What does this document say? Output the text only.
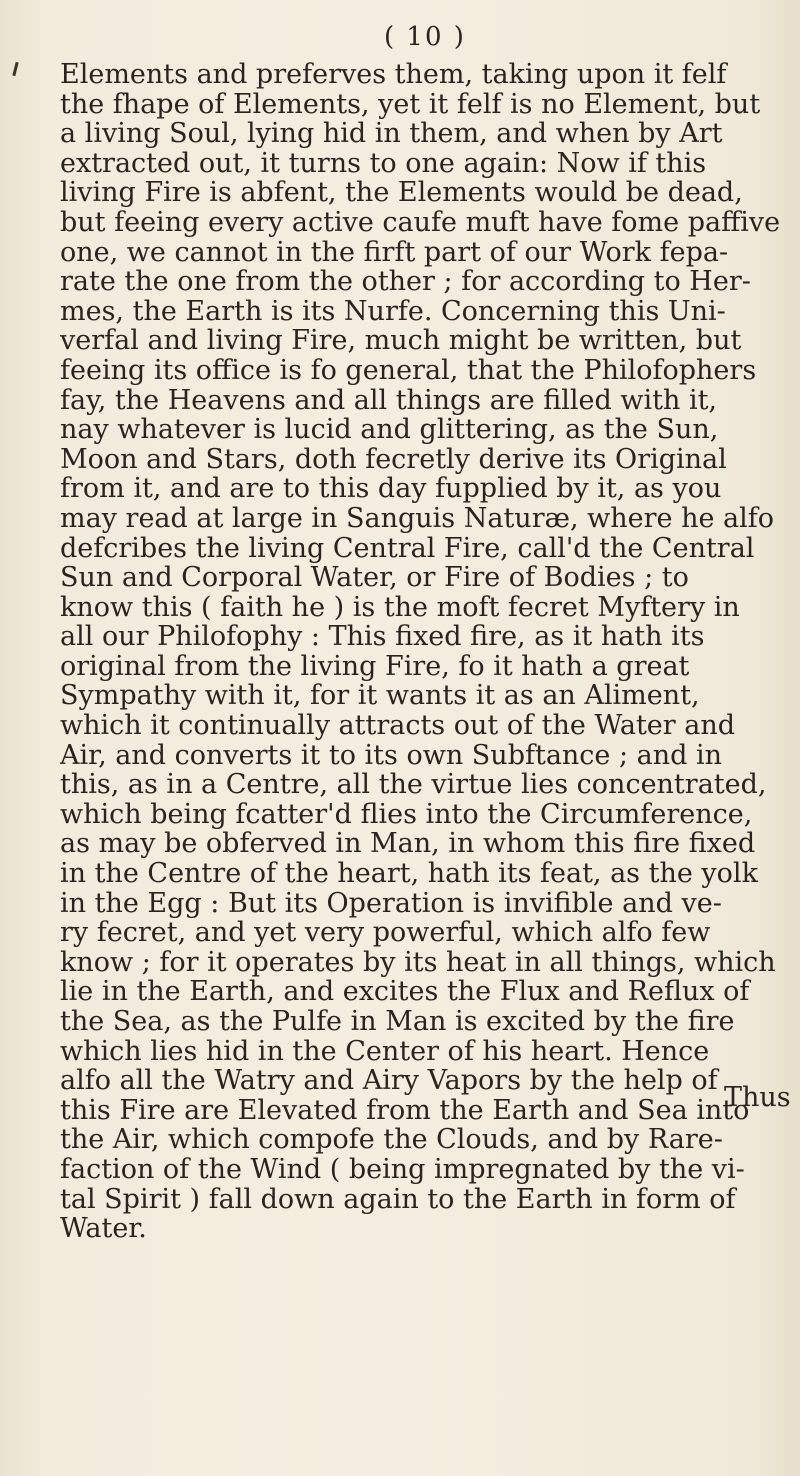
( 10 )
Elements and preferves them, taking upon it felf
the fhape of Elements, yet it felf is no Element, but
a living Soul, lying hid in them, and when by Art
extracted out, it turns to one again: Now if this
living Fire is abfent, the Elements would be dead,
but feeing every active caufe muft have fome paffive
one, we cannot in the firft part of our Work fepa-
rate the one from the other ; for according to Her-
mes, the Earth is its Nurfe. Concerning this Uni-
verfal and living Fire, much might be written, but
feeing its office is fo general, that the Philofophers
fay, the Heavens and all things are filled with it,
nay whatever is lucid and glittering, as the Sun,
Moon and Stars, doth fecretly derive its Original
from it, and are to this day fupplied by it, as you
may read at large in Sanguis Naturæ, where he alfo
defcribes the living Central Fire, call'd the Central
Sun and Corporal Water, or Fire of Bodies ; to
know this ( faith he ) is the moft fecret Myftery in
all our Philofophy : This fixed fire, as it hath its
original from the living Fire, fo it hath a great
Sympathy with it, for it wants it as an Aliment,
which it continually attracts out of the Water and
Air, and converts it to its own Subftance ; and in
this, as in a Centre, all the virtue lies concentrated,
which being fcatter'd flies into the Circumference,
as may be obferved in Man, in whom this fire fixed
in the Centre of the heart, hath its feat, as the yolk
in the Egg : But its Operation is invifible and ve-
ry fecret, and yet very powerful, which alfo few
know ; for it operates by its heat in all things, which
lie in the Earth, and excites the Flux and Reflux of
the Sea, as the Pulfe in Man is excited by the fire
which lies hid in the Center of his heart. Hence
alfo all the Watry and Airy Vapors by the help of
this Fire are Elevated from the Earth and Sea into
the Air, which compofe the Clouds, and by Rare-
faction of the Wind ( being impregnated by the vi-
tal Spirit ) fall down again to the Earth in form of
Water.
Thus
